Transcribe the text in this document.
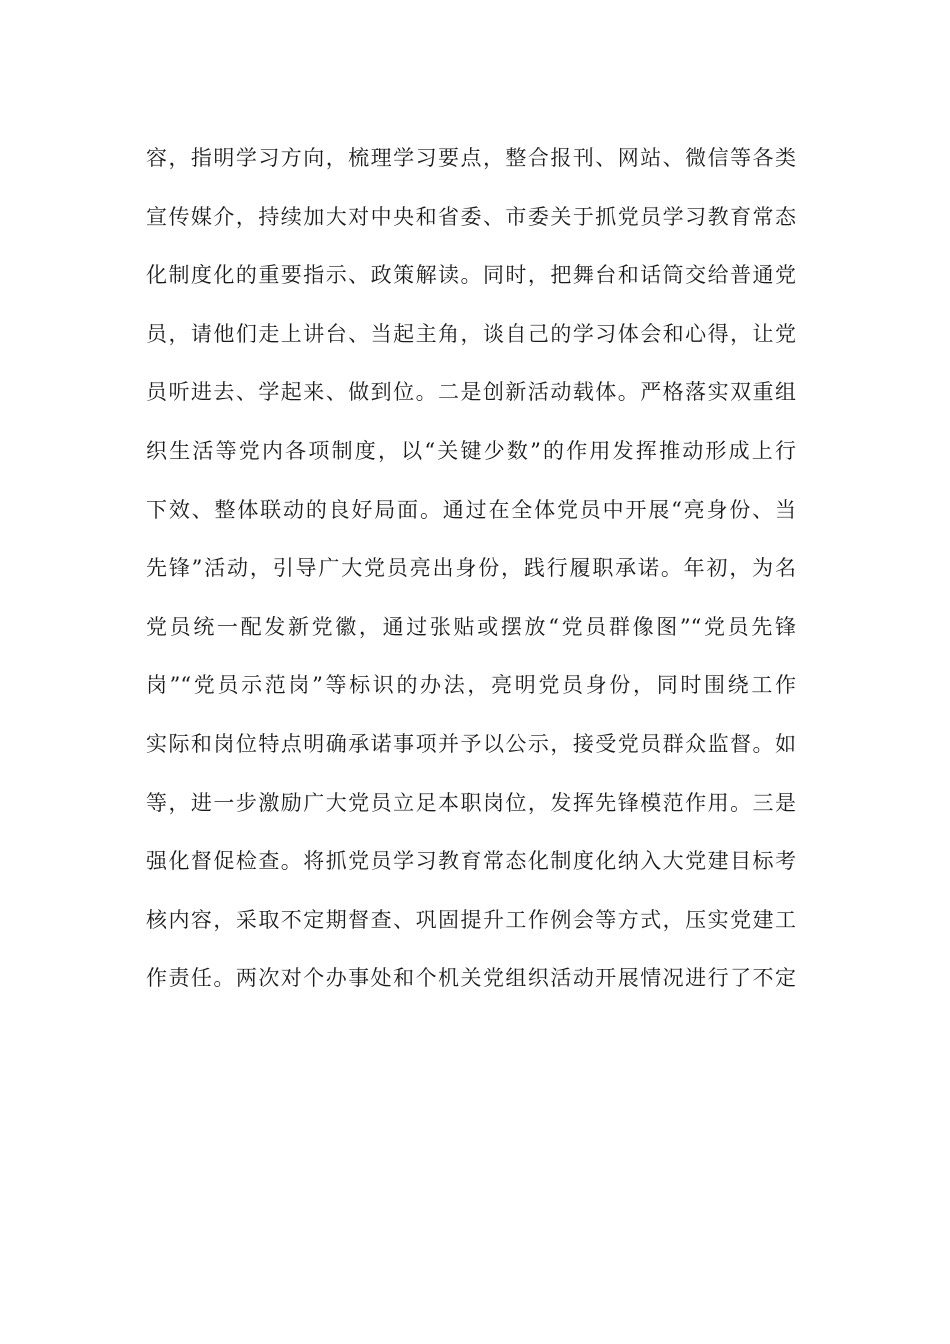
容，指明学习方向，梳理学习要点，整合报刊、网站、微信等各类
宣传媒介，持续加大对中央和省委、市委关于抓党员学习教育常态
化制度化的重要指示、政策解读。同时，把舞台和话筒交给普通党
员，请他们走上讲台、当起主角，谈自己的学习体会和心得，让党
员听进去、学起来、做到位。二是创新活动载体。严格落实双重组
织生活等党内各项制度，以“关键少数”的作用发挥推动形成上行
下效、整体联动的良好局面。通过在全体党员中开展“亮身份、当
先锋”活动，引导广大党员亮出身份，践行履职承诺。年初，为名
党员统一配发新党徽，通过张贴或摆放“党员群像图”“党员先锋
岗”“党员示范岗”等标识的办法，亮明党员身份，同时围绕工作
实际和岗位特点明确承诺事项并予以公示，接受党员群众监督。如
等，进一步激励广大党员立足本职岗位，发挥先锋模范作用。三是
强化督促检查。将抓党员学习教育常态化制度化纳入大党建目标考
核内容，采取不定期督查、巩固提升工作例会等方式，压实党建工
作责任。两次对个办事处和个机关党组织活动开展情况进行了不定
